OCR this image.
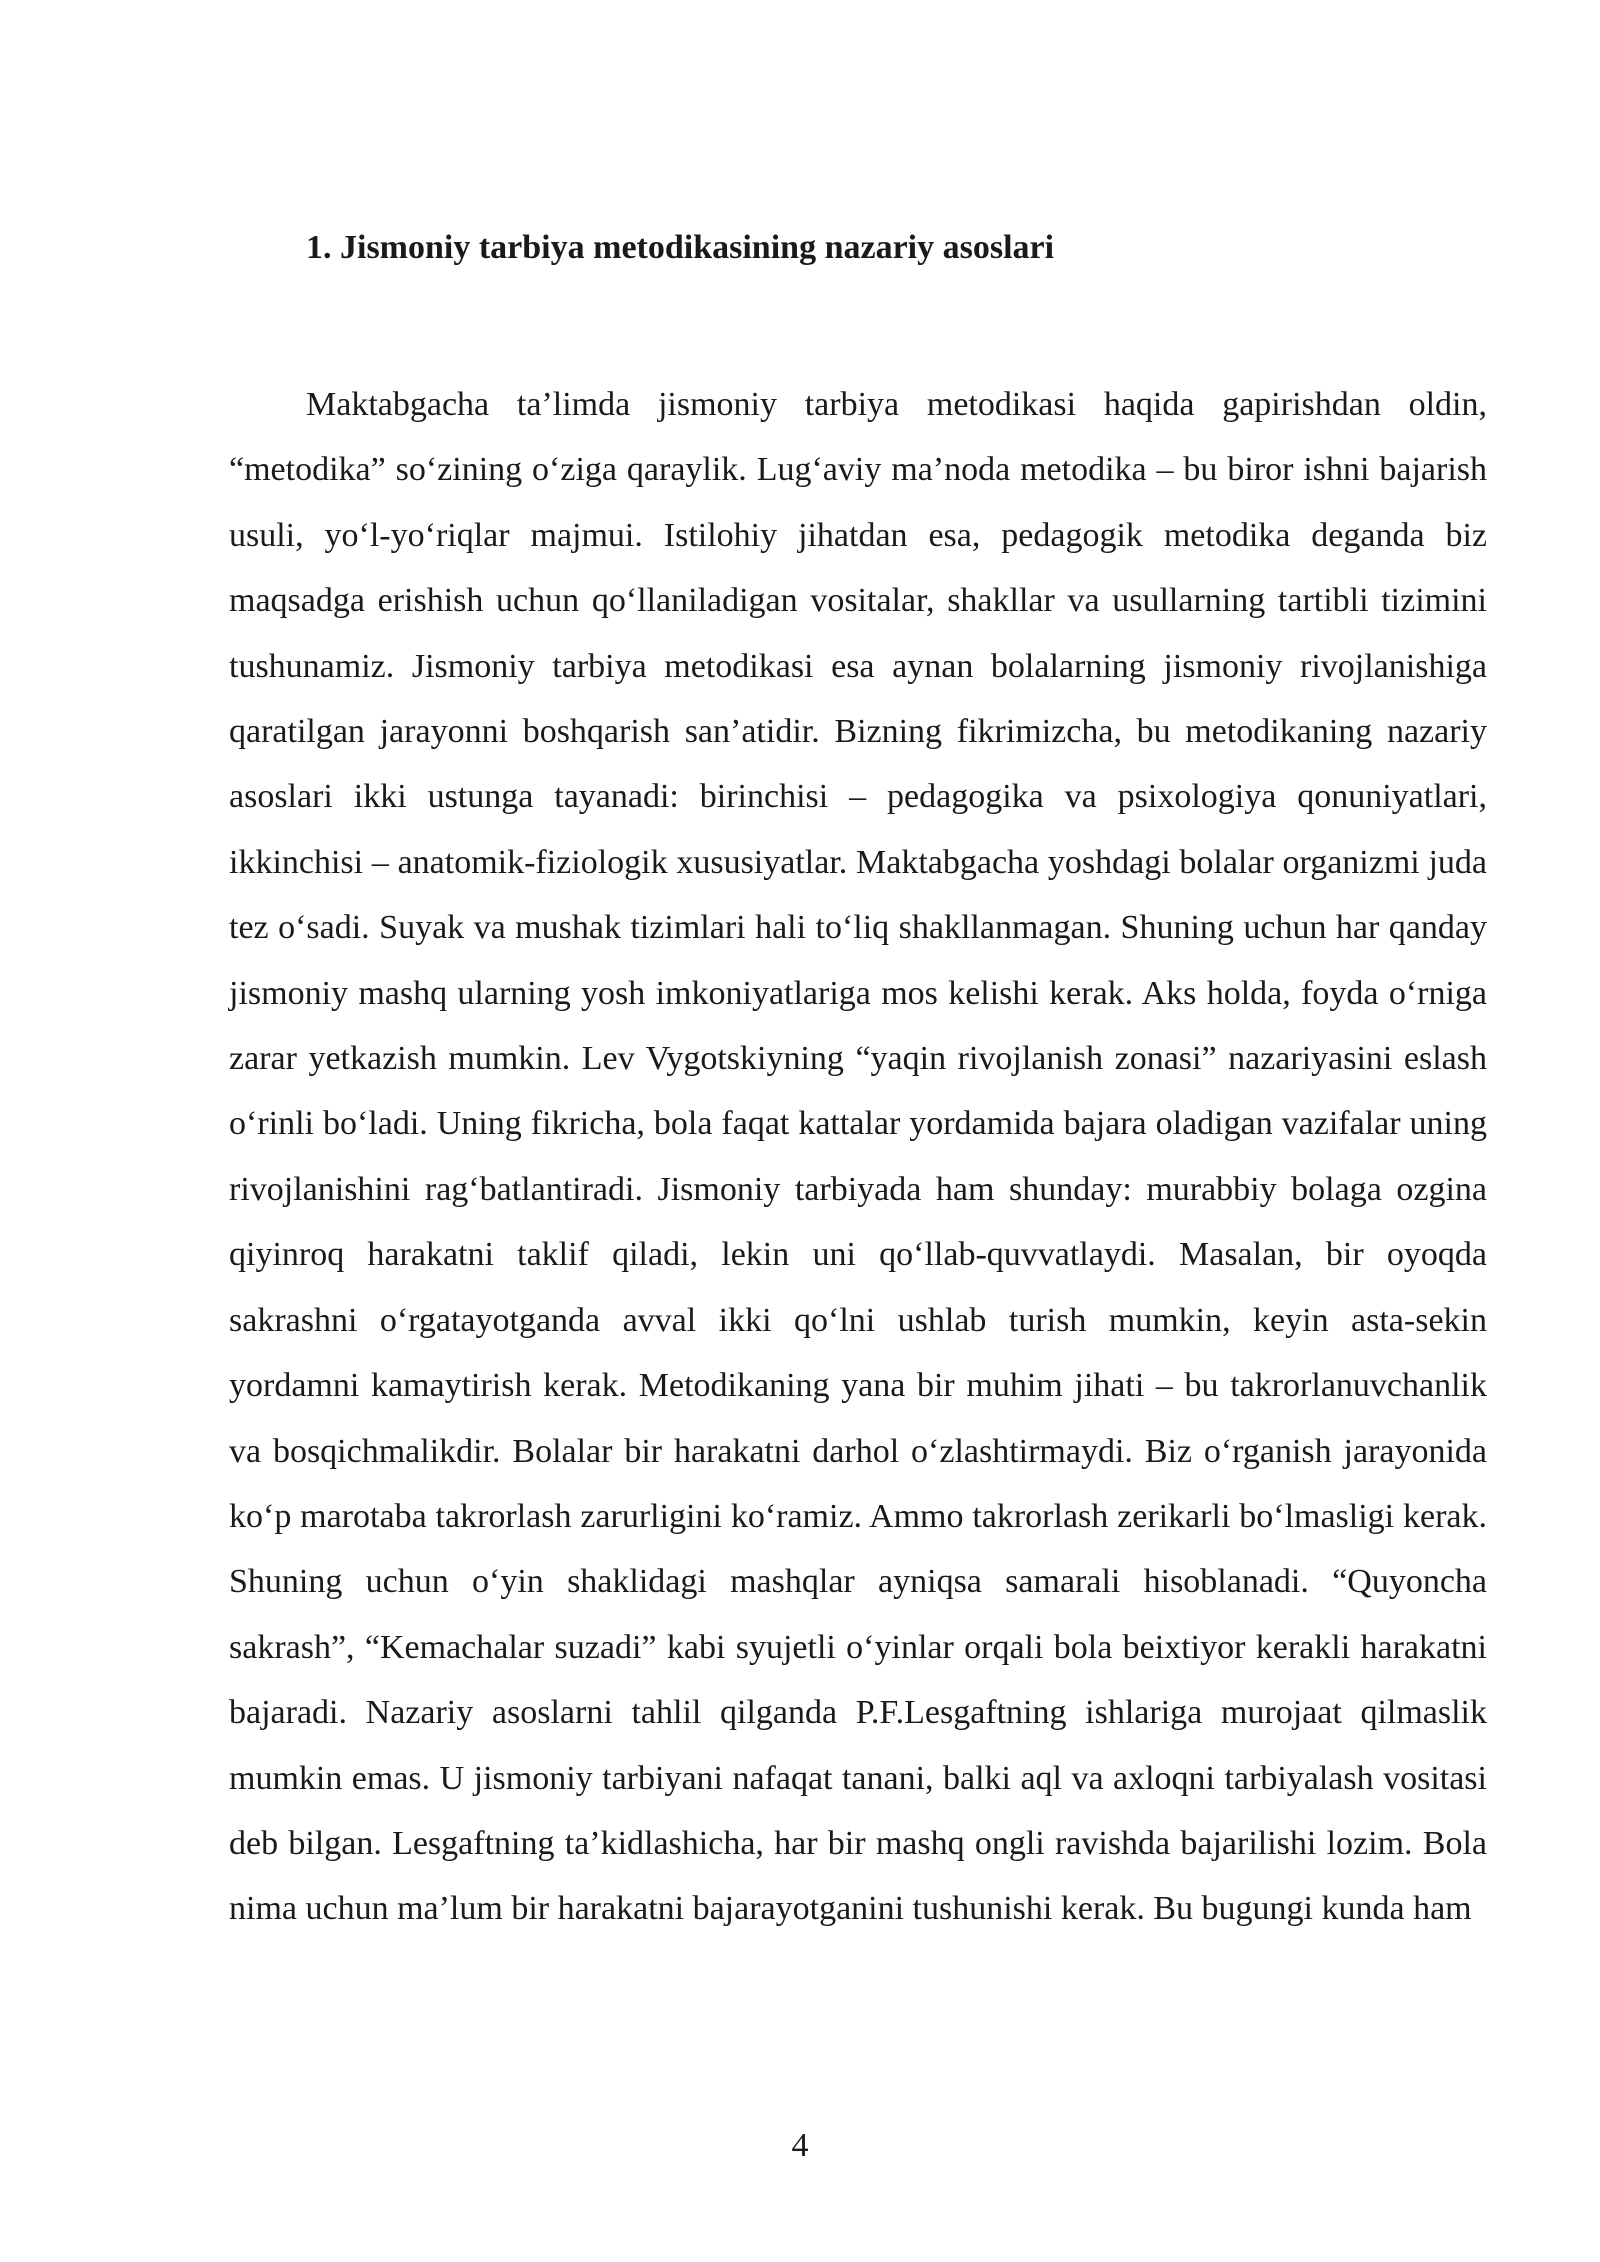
1. Jismoniy tarbiya metodikasining nazariy asoslari

Maktabgacha ta’limda jismoniy tarbiya metodikasi haqida gapirishdan oldin, “metodika” so‘zining o‘ziga qaraylik. Lug‘aviy ma’noda metodika – bu biror ishni bajarish usuli, yo‘l-yo‘riqlar majmui. Istilohiy jihatdan esa, pedagogik metodika deganda biz maqsadga erishish uchun qo‘llaniladigan vositalar, shakllar va usullarning tartibli tizimini tushunamiz. Jismoniy tarbiya metodikasi esa aynan bolalarning jismoniy rivojlanishiga qaratilgan jarayonni boshqarish san’atidir. Bizning fikrimizcha, bu metodikaning nazariy asoslari ikki ustunga tayanadi: birinchisi – pedagogika va psixologiya qonuniyatlari, ikkinchisi – anatomik-fiziologik xususiyatlar. Maktabgacha yoshdagi bolalar organizmi juda tez o‘sadi. Suyak va mushak tizimlari hali to‘liq shakllanmagan. Shuning uchun har qanday jismoniy mashq ularning yosh imkoniyatlariga mos kelishi kerak. Aks holda, foyda o‘rniga zarar yetkazish mumkin. Lev Vygotskiyning “yaqin rivojlanish zonasi” nazariyasini eslash o‘rinli bo‘ladi. Uning fikricha, bola faqat kattalar yordamida bajara oladigan vazifalar uning rivojlanishini rag‘batlantiradi. Jismoniy tarbiyada ham shunday: murabbiy bolaga ozgina qiyinroq harakatni taklif qiladi, lekin uni qo‘llab-quvvatlaydi. Masalan, bir oyoqda sakrashni o‘rgatayotganda avval ikki qo‘lni ushlab turish mumkin, keyin asta-sekin yordamni kamaytirish kerak. Metodikaning yana bir muhim jihati – bu takrorlanuvchanlik va bosqichmalikdir. Bolalar bir harakatni darhol o‘zlashtirmaydi. Biz o‘rganish jarayonida ko‘p marotaba takrorlash zarurligini ko‘ramiz. Ammo takrorlash zerikarli bo‘lmasligi kerak. Shuning uchun o‘yin shaklidagi mashqlar ayniqsa samarali hisoblanadi. “Quyoncha sakrash”, “Kemachalar suzadi” kabi syujetli o‘yinlar orqali bola beixtiyor kerakli harakatni bajaradi. Nazariy asoslarni tahlil qilganda P.F.Lesgaftning ishlariga murojaat qilmaslik mumkin emas. U jismoniy tarbiyani nafaqat tanani, balki aql va axloqni tarbiyalash vositasi deb bilgan. Lesgaftning ta’kidlashicha, har bir mashq ongli ravishda bajarilishi lozim. Bola nima uchun ma’lum bir harakatni bajarayotganini tushunishi kerak. Bu bugungi kunda ham

4
